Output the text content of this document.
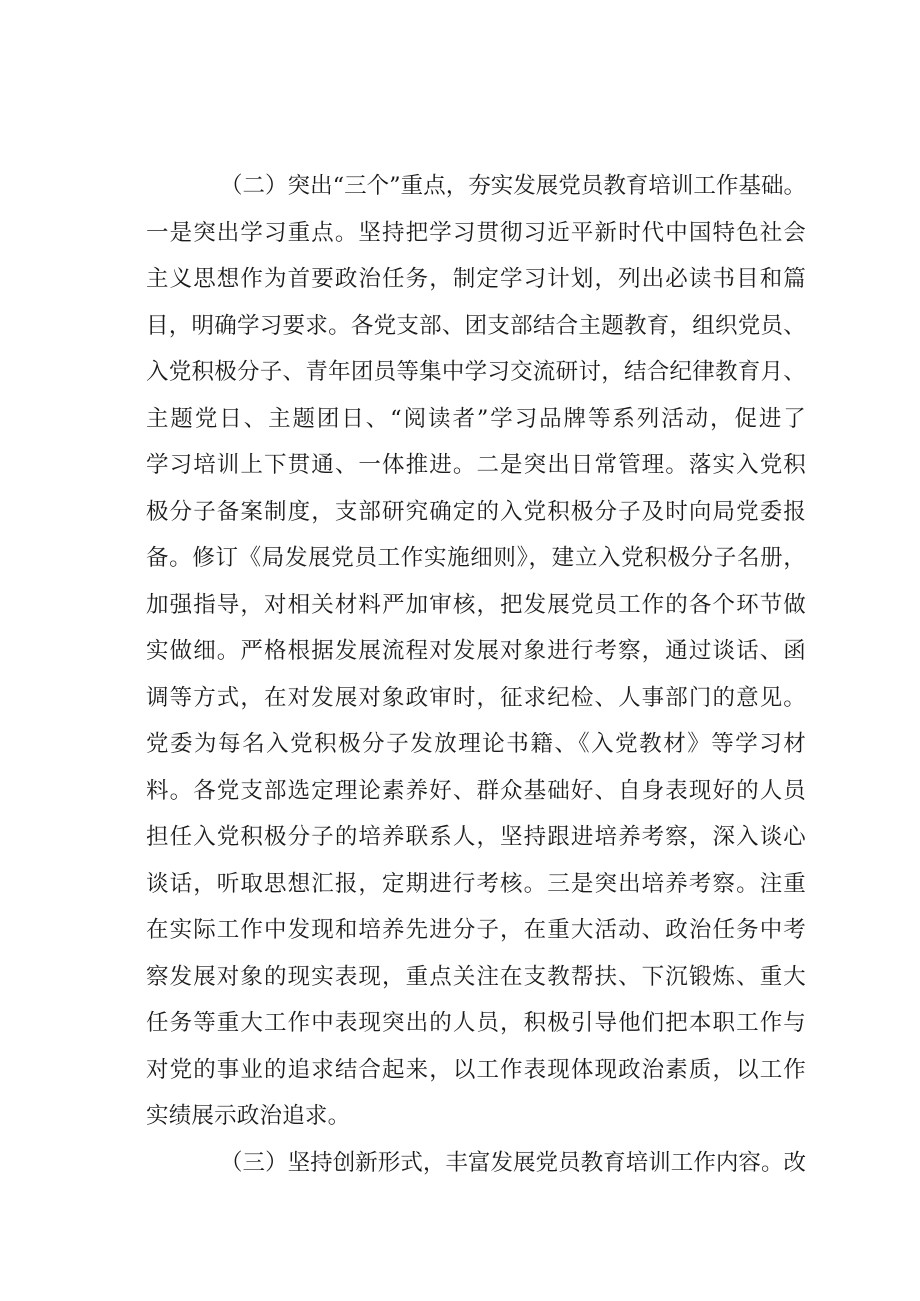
（二）突出“三个”重点，夯实发展党员教育培训工作基础。
一是突出学习重点。坚持把学习贯彻习近平新时代中国特色社会
主义思想作为首要政治任务，制定学习计划，列出必读书目和篇
目，明确学习要求。各党支部、团支部结合主题教育，组织党员、
入党积极分子、青年团员等集中学习交流研讨，结合纪律教育月、
主题党日、主题团日、“阅读者”学习品牌等系列活动，促进了
学习培训上下贯通、一体推进。二是突出日常管理。落实入党积
极分子备案制度，支部研究确定的入党积极分子及时向局党委报
备。修订《局发展党员工作实施细则》，建立入党积极分子名册，
加强指导，对相关材料严加审核，把发展党员工作的各个环节做
实做细。严格根据发展流程对发展对象进行考察，通过谈话、函
调等方式，在对发展对象政审时，征求纪检、人事部门的意见。
党委为每名入党积极分子发放理论书籍、《入党教材》等学习材
料。各党支部选定理论素养好、群众基础好、自身表现好的人员
担任入党积极分子的培养联系人，坚持跟进培养考察，深入谈心
谈话，听取思想汇报，定期进行考核。三是突出培养考察。注重
在实际工作中发现和培养先进分子，在重大活动、政治任务中考
察发展对象的现实表现，重点关注在支教帮扶、下沉锻炼、重大
任务等重大工作中表现突出的人员，积极引导他们把本职工作与
对党的事业的追求结合起来，以工作表现体现政治素质，以工作
实绩展示政治追求。
（三）坚持创新形式，丰富发展党员教育培训工作内容。改
